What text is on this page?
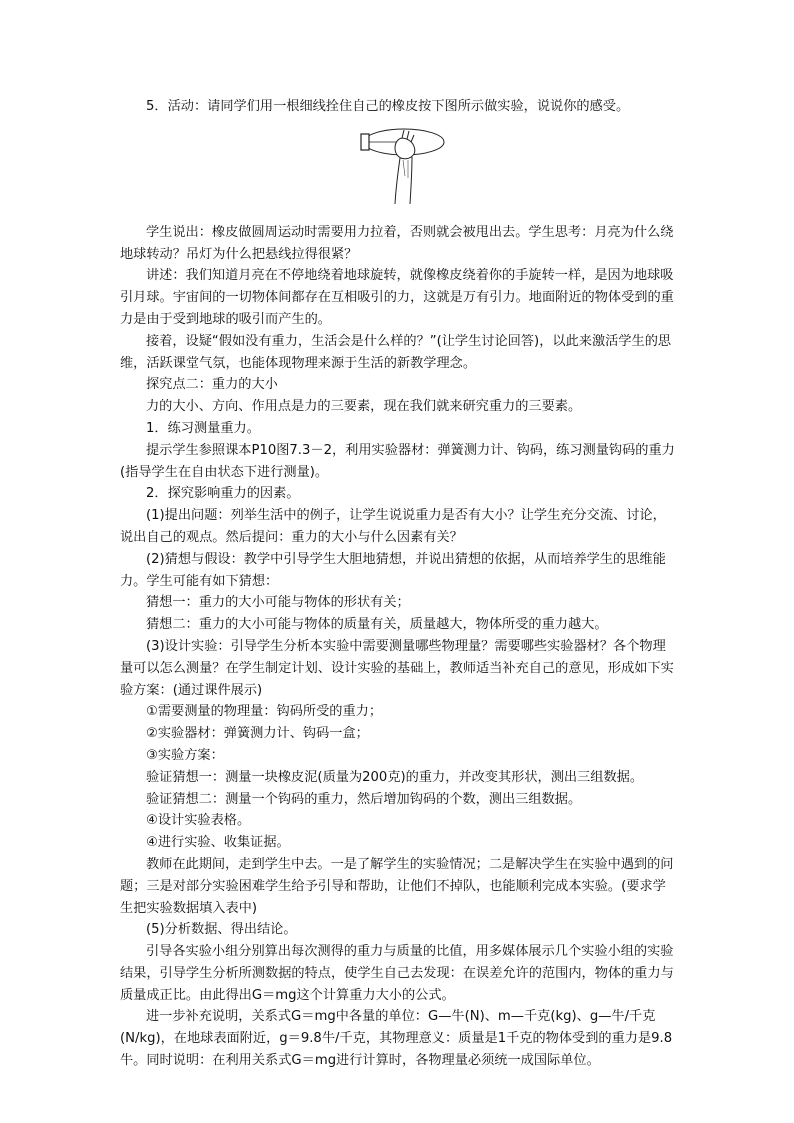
5．活动：请同学们用一根细线拴住自己的橡皮按下图所示做实验，说说你的感受。

学生说出：橡皮做圆周运动时需要用力拉着，否则就会被甩出去。学生思考：月亮为什么绕地球转动？吊灯为什么把悬线拉得很紧？

讲述：我们知道月亮在不停地绕着地球旋转，就像橡皮绕着你的手旋转一样，是因为地球吸引月球。宇宙间的一切物体间都存在互相吸引的力，这就是万有引力。地面附近的物体受到的重力是由于受到地球的吸引而产生的。

接着，设疑“假如没有重力，生活会是什么样的？”(让学生讨论回答)，以此来激活学生的思维，活跃课堂气氛，也能体现物理来源于生活的新教学理念。

探究点二：重力的大小

力的大小、方向、作用点是力的三要素，现在我们就来研究重力的三要素。

1．练习测量重力。

提示学生参照课本P10图7.3－2，利用实验器材：弹簧测力计、钩码，练习测量钩码的重力(指导学生在自由状态下进行测量)。

2．探究影响重力的因素。

(1)提出问题：列举生活中的例子，让学生说说重力是否有大小？让学生充分交流、讨论，说出自己的观点。然后提问：重力的大小与什么因素有关？

(2)猜想与假设：教学中引导学生大胆地猜想，并说出猜想的依据，从而培养学生的思维能力。学生可能有如下猜想：

猜想一：重力的大小可能与物体的形状有关；

猜想二：重力的大小可能与物体的质量有关，质量越大，物体所受的重力越大。

(3)设计实验：引导学生分析本实验中需要测量哪些物理量？需要哪些实验器材？各个物理量可以怎么测量？在学生制定计划、设计实验的基础上，教师适当补充自己的意见，形成如下实验方案：(通过课件展示)

①需要测量的物理量：钩码所受的重力；

②实验器材：弹簧测力计、钩码一盒；

③实验方案：

验证猜想一：测量一块橡皮泥(质量为200克)的重力，并改变其形状，测出三组数据。

验证猜想二：测量一个钩码的重力，然后增加钩码的个数，测出三组数据。

④设计实验表格。

④进行实验、收集证据。

教师在此期间，走到学生中去。一是了解学生的实验情况；二是解决学生在实验中遇到的问题；三是对部分实验困难学生给予引导和帮助，让他们不掉队，也能顺利完成本实验。(要求学生把实验数据填入表中)

(5)分析数据、得出结论。

引导各实验小组分别算出每次测得的重力与质量的比值，用多媒体展示几个实验小组的实验结果，引导学生分析所测数据的特点，使学生自己去发现：在误差允许的范围内，物体的重力与质量成正比。由此得出G＝mg这个计算重力大小的公式。

进一步补充说明，关系式G＝mg中各量的单位：G—牛(N)、m—千克(kg)、g—牛/千克(N/kg)，在地球表面附近，g＝9.8牛/千克，其物理意义：质量是1千克的物体受到的重力是9.8牛。同时说明：在利用关系式G＝mg进行计算时，各物理量必须统一成国际单位。
